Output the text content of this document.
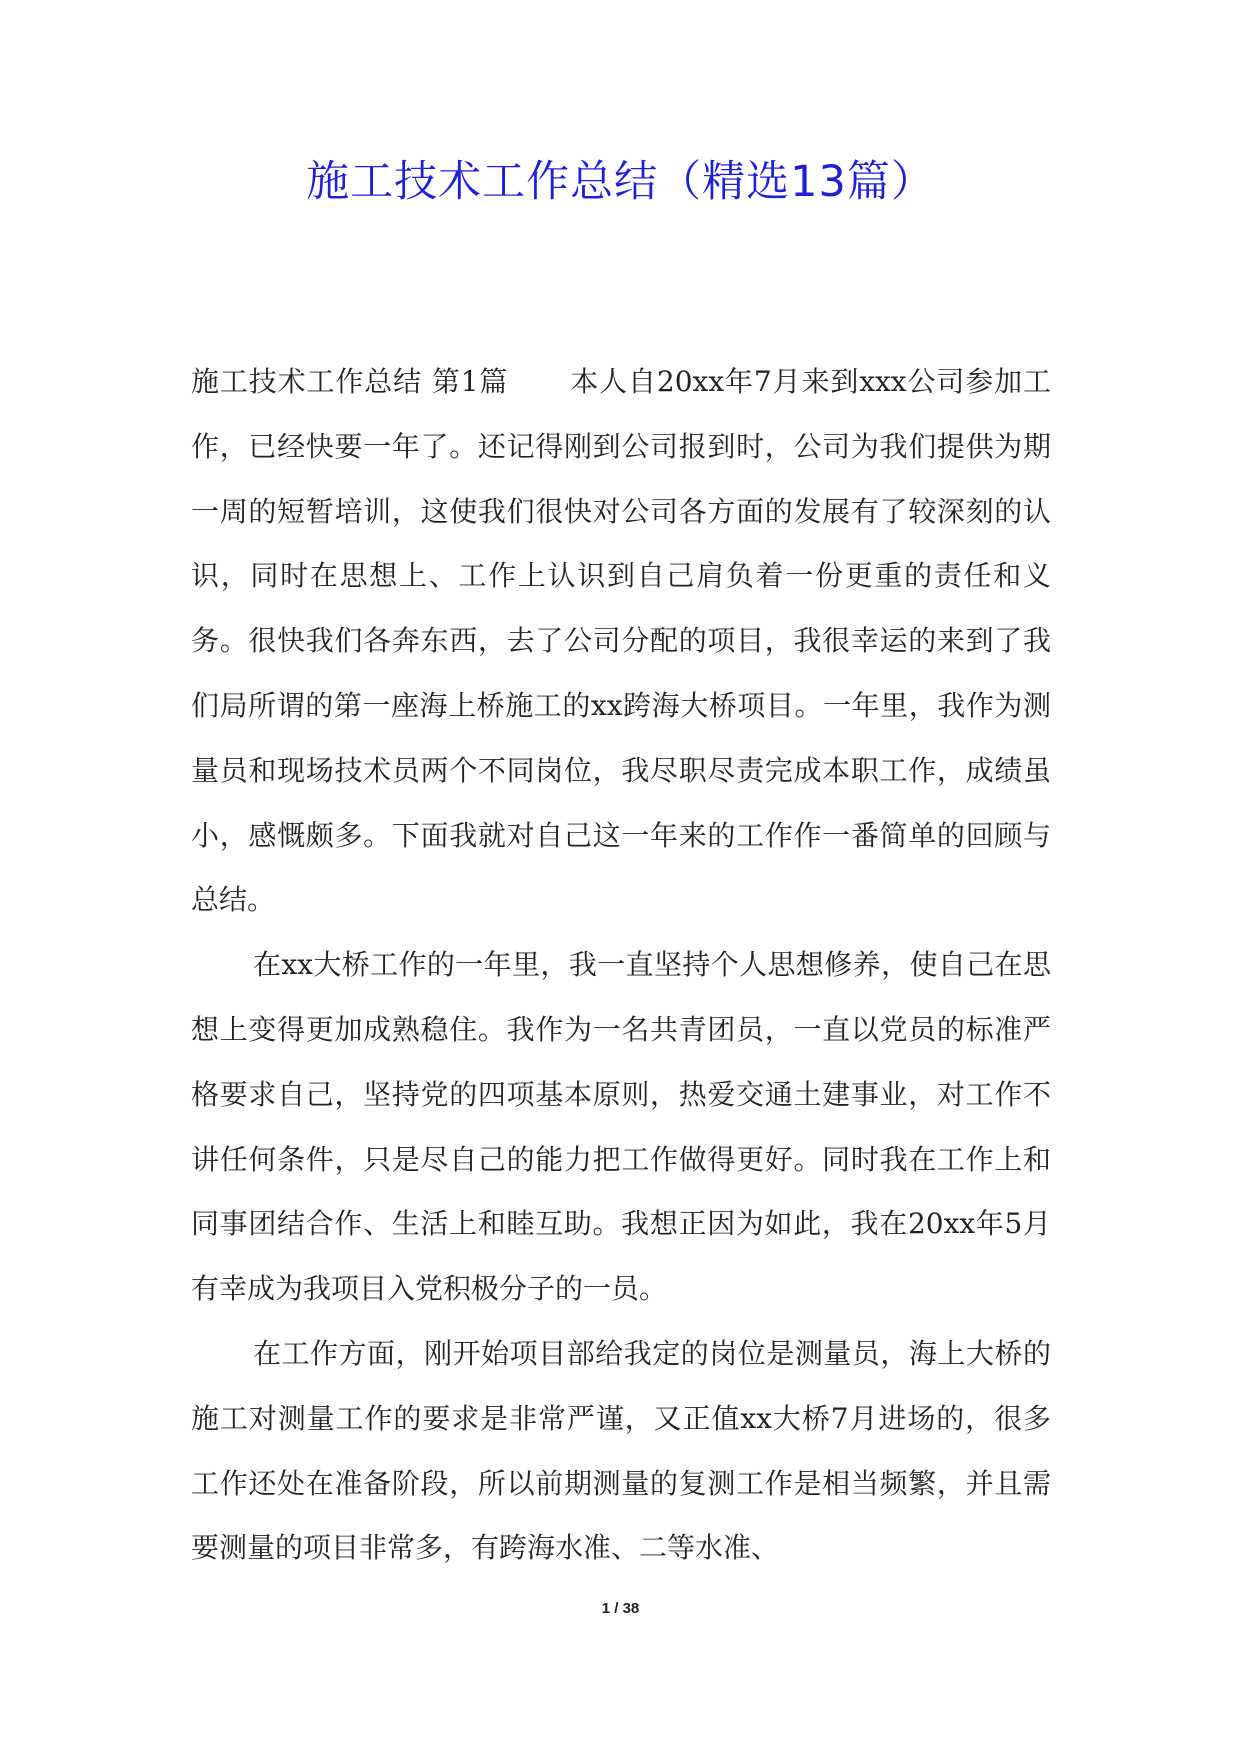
施工技术工作总结（精选13篇）

施工技术工作总结 第1篇 本人自20xx年7月来到xxx公司参加工作，已经快要一年了。还记得刚到公司报到时，公司为我们提供为期一周的短暂培训，这使我们很快对公司各方面的发展有了较深刻的认识，同时在思想上、工作上认识到自己肩负着一份更重的责任和义务。很快我们各奔东西，去了公司分配的项目，我很幸运的来到了我们局所谓的第一座海上桥施工的xx跨海大桥项目。一年里，我作为测量员和现场技术员两个不同岗位，我尽职尽责完成本职工作，成绩虽小，感慨颇多。下面我就对自己这一年来的工作作一番简单的回顾与总结。

在xx大桥工作的一年里，我一直坚持个人思想修养，使自己在思想上变得更加成熟稳住。我作为一名共青团员，一直以党员的标准严格要求自己，坚持党的四项基本原则，热爱交通土建事业，对工作不讲任何条件，只是尽自己的能力把工作做得更好。同时我在工作上和同事团结合作、生活上和睦互助。我想正因为如此，我在20xx年5月有幸成为我项目入党积极分子的一员。

在工作方面，刚开始项目部给我定的岗位是测量员，海上大桥的施工对测量工作的要求是非常严谨，又正值xx大桥7月进场的，很多工作还处在准备阶段，所以前期测量的复测工作是相当频繁，并且需要测量的项目非常多，有跨海水准、二等水准、

1 / 38
